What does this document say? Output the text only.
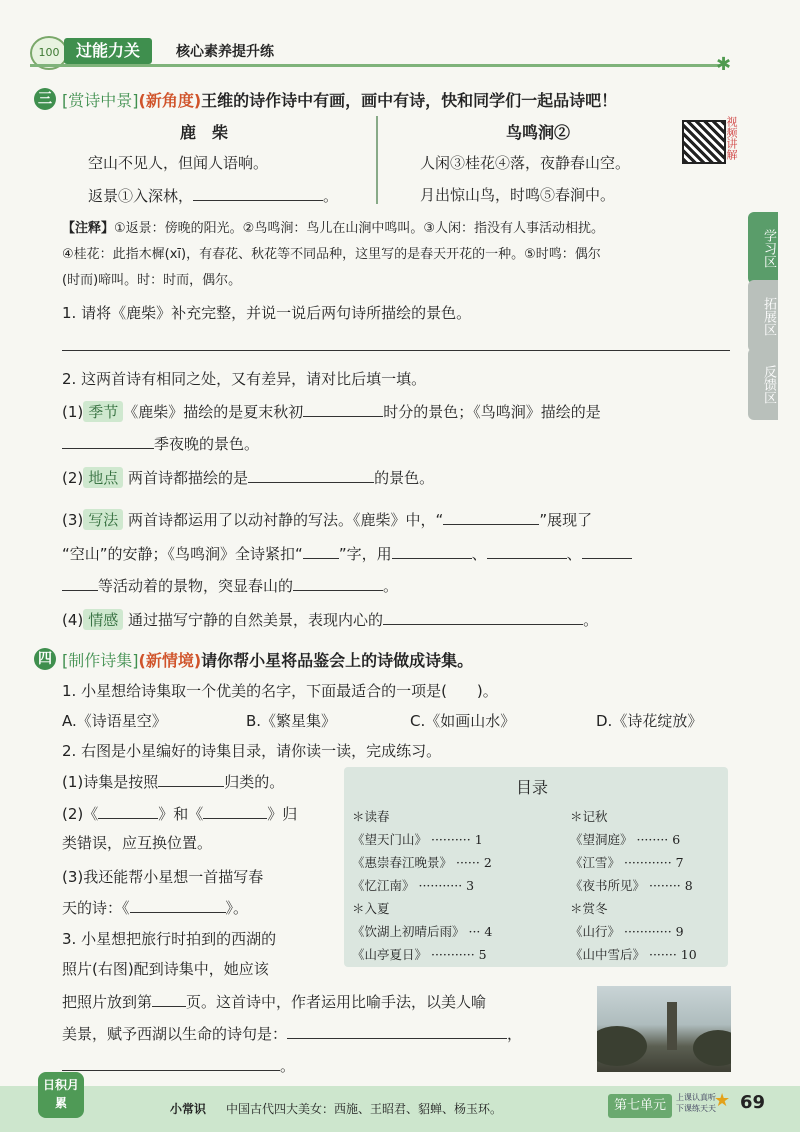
100	过能力关	核心素养提升练
✱
学习区
拓展区
反馈区
三 [赏诗中景](新角度)王维的诗作诗中有画，画中有诗，快和同学们一起品诗吧！
鹿　柴
空山不见人，但闻人语响。
返景①入深林，	。
鸟鸣涧②
人闲③桂花④落，夜静春山空。
月出惊山鸟，时鸣⑤春涧中。
视频讲解
【注释】①返景：傍晚的阳光。②鸟鸣涧：鸟儿在山涧中鸣叫。③人闲：指没有人事活动相扰。
④桂花：此指木樨(xī)，有春花、秋花等不同品种，这里写的是春天开花的一种。⑤时鸣：偶尔
(时而)啼叫。时：时而，偶尔。
1. 请将《鹿柴》补充完整，并说一说后两句诗所描绘的景色。
2. 这两首诗有相同之处，又有差异，请对比后填一填。
(1) 季节 《鹿柴》描绘的是夏末秋初	时分的景色；《鸟鸣涧》描绘的是
季夜晚的景色。
(2) 地点 两首诗都描绘的是	的景色。
(3) 写法 两首诗都运用了以动衬静的写法。《鹿柴》中，“	”展现了
“空山”的安静；《鸟鸣涧》全诗紧扣“ ”字，用	、	、
等活动着的景物，突显春山的	。
(4) 情感 通过描写宁静的自然美景，表现内心的	。
四 [制作诗集](新情境)请你帮小星将品鉴会上的诗做成诗集。
1. 小星想给诗集取一个优美的名字，下面最适合的一项是(　　)。
A.《诗语星空》	B.《繁星集》	C.《如画山水》	D.《诗花绽放》
2. 右图是小星编好的诗集目录，请你读一读，完成练习。
(1)诗集是按照	归类的。
(2)《	》和《	》归
类错误，应互换位置。
(3)我还能帮小星想一首描写春
天的诗：《	》。
3. 小星想把旅行时拍到的西湖的
照片(右图)配到诗集中，她应该
把照片放到第 页。这首诗中，作者运用比喻手法，以美人喻
美景，赋予西湖以生命的诗句是：	，
。
目录
＊读春
《望天门山》 ·········· 1
《惠崇春江晚景》 ······ 2
《忆江南》 ··········· 3
＊入夏
《饮湖上初晴后雨》 ··· 4
《山亭夏日》 ··········· 5
＊记秋
《望洞庭》 ········ 6
《江雪》 ············ 7
《夜书所见》 ········ 8
＊赏冬
《山行》 ············ 9
《山中雪后》 ······· 10
日积月累	小常识 中国古代四大美女：西施、王昭君、貂蝉、杨玉环。	第七单元
上课认真听
下课练天天
★ 69
